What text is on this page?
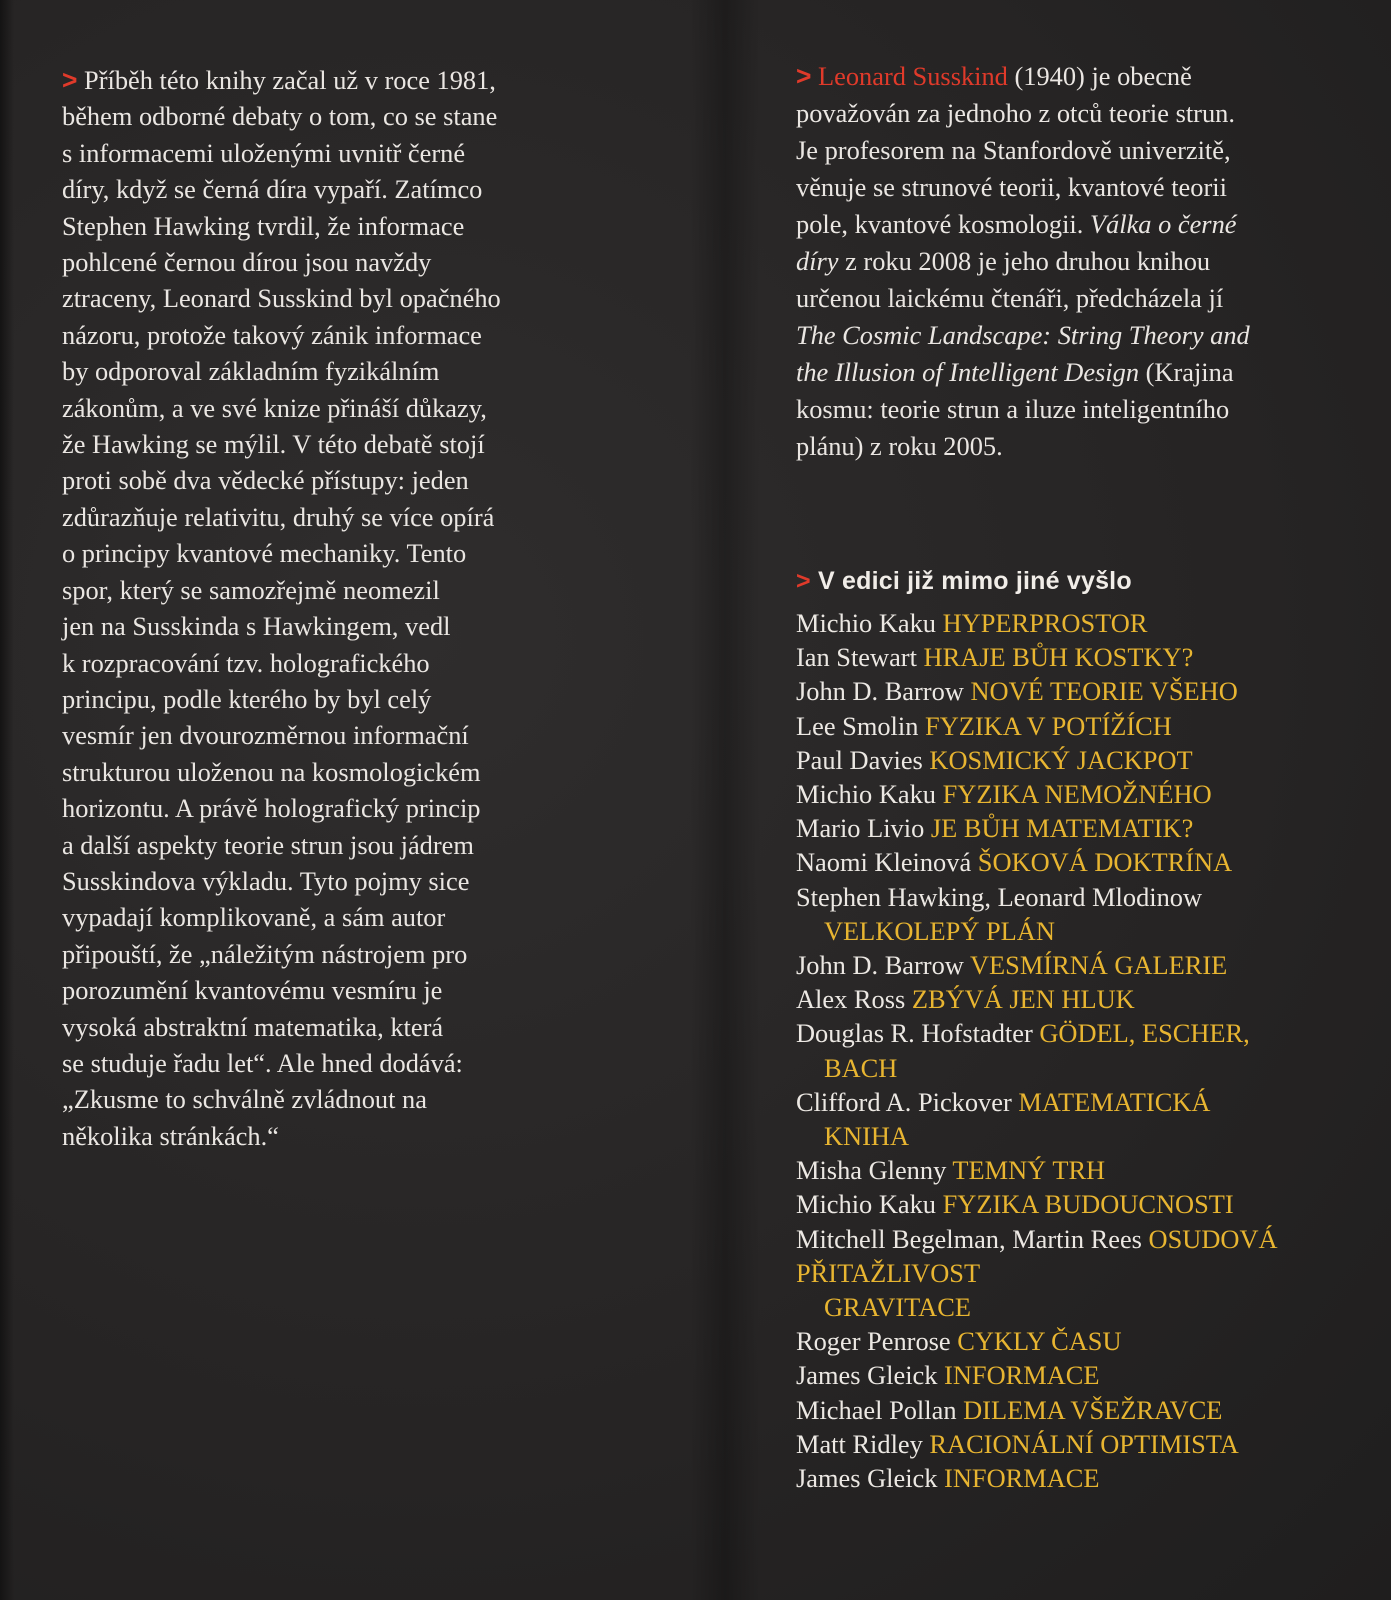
> Příběh této knihy začal už v roce 1981,
během odborné debaty o tom, co se stane
s informacemi uloženými uvnitř černé
díry, když se černá díra vypaří. Zatímco
Stephen Hawking tvrdil, že informace
pohlcené černou dírou jsou navždy
ztraceny, Leonard Susskind byl opačného
názoru, protože takový zánik informace
by odporoval základním fyzikálním
zákonům, a ve své knize přináší důkazy,
že Hawking se mýlil. V této debatě stojí
proti sobě dva vědecké přístupy: jeden
zdůrazňuje relativitu, druhý se více opírá
o principy kvantové mechaniky. Tento
spor, který se samozřejmě neomezil
jen na Susskinda s Hawkingem, vedl
k rozpracování tzv. holografického
principu, podle kterého by byl celý
vesmír jen dvourozměrnou informační
strukturou uloženou na kosmologickém
horizontu. A právě holografický princip
a další aspekty teorie strun jsou jádrem
Susskindova výkladu. Tyto pojmy sice
vypadají komplikovaně, a sám autor
připouští, že „náležitým nástrojem pro
porozumění kvantovému vesmíru je
vysoká abstraktní matematika, která
se studuje řadu let“. Ale hned dodává:
„Zkusme to schválně zvládnout na
několika stránkách.“
> Leonard Susskind (1940) je obecně
považován za jednoho z otců teorie strun.
Je profesorem na Stanfordově univerzitě,
věnuje se strunové teorii, kvantové teorii
pole, kvantové kosmologii. Válka o černé
díry z roku 2008 je jeho druhou knihou
určenou laickému čtenáři, předcházela jí
The Cosmic Landscape: String Theory and
the Illusion of Intelligent Design (Krajina
kosmu: teorie strun a iluze inteligentního
plánu) z roku 2005.
> V edici již mimo jiné vyšlo
Michio Kaku HYPERPROSTOR
Ian Stewart HRAJE BŮH KOSTKY?
John D. Barrow NOVÉ TEORIE VŠEHO
Lee Smolin FYZIKA V POTÍŽÍCH
Paul Davies KOSMICKÝ JACKPOT
Michio Kaku FYZIKA NEMOŽNÉHO
Mario Livio JE BŮH MATEMATIK?
Naomi Kleinová ŠOKOVÁ DOKTRÍNA
Stephen Hawking, Leonard Mlodinow
VELKOLEPÝ PLÁN
John D. Barrow VESMÍRNÁ GALERIE
Alex Ross ZBÝVÁ JEN HLUK
Douglas R. Hofstadter GÖDEL, ESCHER,
BACH
Clifford A. Pickover MATEMATICKÁ
KNIHA
Misha Glenny TEMNÝ TRH
Michio Kaku FYZIKA BUDOUCNOSTI
Mitchell Begelman, Martin Rees OSUDOVÁ PŘITAŽLIVOST
GRAVITACE
Roger Penrose CYKLY ČASU
James Gleick INFORMACE
Michael Pollan DILEMA VŠEŽRAVCE
Matt Ridley RACIONÁLNÍ OPTIMISTA
James Gleick INFORMACE
